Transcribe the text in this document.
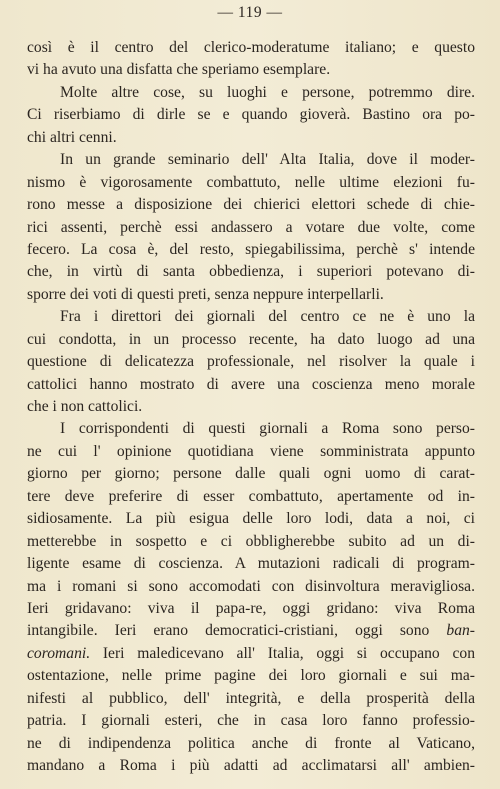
— 119 —
così è il centro del clerico-moderatume italiano; e questo
vi ha avuto una disfatta che speriamo esemplare.
Molte altre cose, su luoghi e persone, potremmo dire.
Ci riserbiamo di dirle se e quando gioverà. Bastino ora po-
chi altri cenni.
In un grande seminario dell' Alta Italia, dove il moder-
nismo è vigorosamente combattuto, nelle ultime elezioni fu-
rono messe a disposizione dei chierici elettori schede di chie-
rici assenti, perchè essi andassero a votare due volte, come
fecero. La cosa è, del resto, spiegabilissima, perchè s' intende
che, in virtù di santa obbedienza, i superiori potevano di-
sporre dei voti di questi preti, senza neppure interpellarli.
Fra i direttori dei giornali del centro ce ne è uno la
cui condotta, in un processo recente, ha dato luogo ad una
questione di delicatezza professionale, nel risolver la quale i
cattolici hanno mostrato di avere una coscienza meno morale
che i non cattolici.
I corrispondenti di questi giornali a Roma sono perso-
ne cui l' opinione quotidiana viene somministrata appunto
giorno per giorno; persone dalle quali ogni uomo di carat-
tere deve preferire di esser combattuto, apertamente od in-
sidiosamente. La più esigua delle loro lodi, data a noi, ci
metterebbe in sospetto e ci obbligherebbe subito ad un di-
ligente esame di coscienza. A mutazioni radicali di program-
ma i romani si sono accomodati con disinvoltura meravigliosa.
Ieri gridavano: viva il papa-re, oggi gridano: viva Roma
intangibile. Ieri erano democratici-cristiani, oggi sono ban-
coromani. Ieri maledicevano all' Italia, oggi si occupano con
ostentazione, nelle prime pagine dei loro giornali e sui ma-
nifesti al pubblico, dell' integrità, e della prosperità della
patria. I giornali esteri, che in casa loro fanno professio-
ne di indipendenza politica anche di fronte al Vaticano,
mandano a Roma i più adatti ad acclimatarsi all' ambien-
